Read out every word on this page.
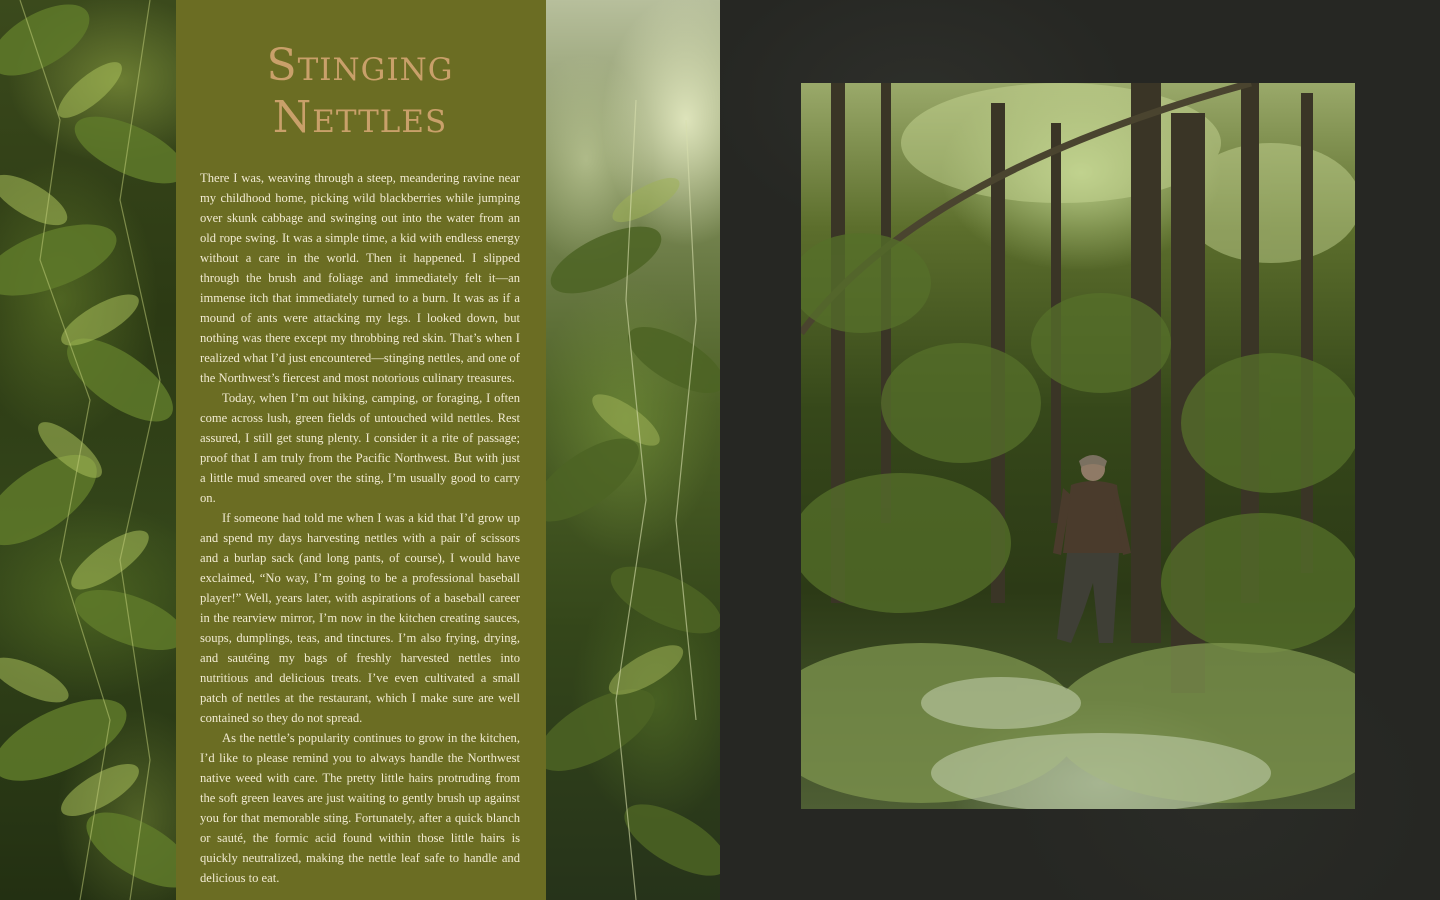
Stinging Nettles

There I was, weaving through a steep, meandering ravine near my childhood home, picking wild blackberries while jumping over skunk cabbage and swinging out into the water from an old rope swing. It was a simple time, a kid with endless energy without a care in the world. Then it happened. I slipped through the brush and foliage and immediately felt it—an immense itch that immediately turned to a burn. It was as if a mound of ants were attacking my legs. I looked down, but nothing was there except my throbbing red skin. That’s when I realized what I’d just encountered—stinging nettles, and one of the Northwest’s fiercest and most notorious culinary treasures.

Today, when I’m out hiking, camping, or foraging, I often come across lush, green fields of untouched wild nettles. Rest assured, I still get stung plenty. I consider it a rite of passage; proof that I am truly from the Pacific Northwest. But with just a little mud smeared over the sting, I’m usually good to carry on.

If someone had told me when I was a kid that I’d grow up and spend my days harvesting nettles with a pair of scissors and a burlap sack (and long pants, of course), I would have exclaimed, “No way, I’m going to be a professional baseball player!” Well, years later, with aspirations of a baseball career in the rearview mirror, I’m now in the kitchen creating sauces, soups, dumplings, teas, and tinctures. I’m also frying, drying, and sautéing my bags of freshly harvested nettles into nutritious and delicious treats. I’ve even cultivated a small patch of nettles at the restaurant, which I make sure are well contained so they do not spread.

As the nettle’s popularity continues to grow in the kitchen, I’d like to please remind you to always handle the Northwest native weed with care. The pretty little hairs protruding from the soft green leaves are just waiting to gently brush up against you for that memorable sting. Fortunately, after a quick blanch or sauté, the formic acid found within those little hairs is quickly neutralized, making the nettle leaf safe to handle and delicious to eat.
